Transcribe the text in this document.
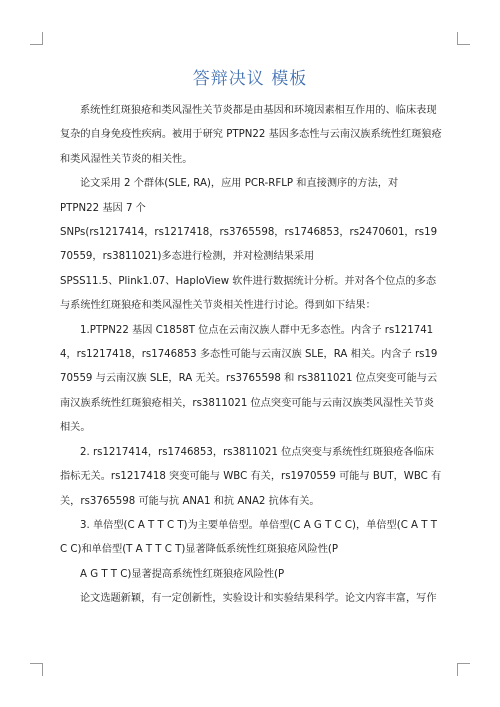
答辩决议 模板

系统性红斑狼疮和类风湿性关节炎都是由基因和环境因素相互作用的、临床表现复杂的自身免疫性疾病。被用于研究 PTPN22 基因多态性与云南汉族系统性红斑狼疮和类风湿性关节炎的相关性。

论文采用 2 个群体(SLE, RA)，应用 PCR-RFLP 和直接测序的方法，对

PTPN22 基因 7 个

SNPs(rs1217414，rs1217418，rs3765598，rs1746853，rs2470601，rs1970559，rs3811021)多态进行检测，并对检测结果采用

SPSS11.5、Plink1.07、HaploView 软件进行数据统计分析。并对各个位点的多态与系统性红斑狼疮和类风湿性关节炎相关性进行讨论。得到如下结果：

1.PTPN22 基因 C1858T 位点在云南汉族人群中无多态性。内含子 rs1217414，rs1217418，rs1746853 多态性可能与云南汉族 SLE，RA 相关。内含子 rs1970559 与云南汉族 SLE，RA 无关。rs3765598 和 rs3811021 位点突变可能与云南汉族系统性红斑狼疮相关，rs3811021 位点突变可能与云南汉族类风湿性关节炎相关。

2. rs1217414，rs1746853，rs3811021 位点突变与系统性红斑狼疮各临床指标无关。rs1217418 突变可能与 WBC 有关，rs1970559 可能与 BUT，WBC 有关，rs3765598 可能与抗 ANA1 和抗 ANA2 抗体有关。

3. 单倍型(C A T T C T)为主要单倍型。单倍型(C A G T C C)，单倍型(C A T T C C)和单倍型(T A T T C T)显著降低系统性红斑狼疮风险性(P

A G T T C)显著提高系统性红斑狼疮风险性(P

论文选题新颖，有一定创新性，实验设计和实验结果科学。论文内容丰富，写作
